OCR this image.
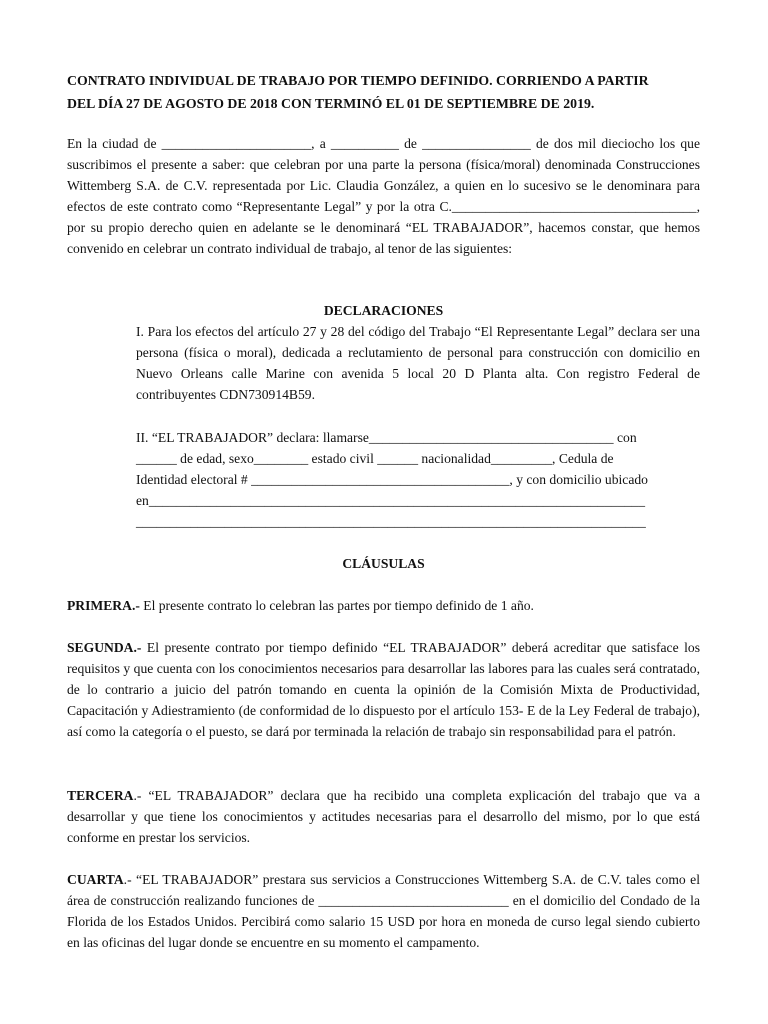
CONTRATO INDIVIDUAL DE TRABAJO POR TIEMPO DEFINIDO. CORRIENDO A PARTIR
DEL DÍA 27 DE AGOSTO DE 2018 CON TERMINÓ EL 01 DE SEPTIEMBRE DE 2019.

En la ciudad de ______________________, a __________ de ________________ de dos mil dieciocho los que suscribimos el presente a saber: que celebran por una parte la persona (física/moral) denominada Construcciones Wittemberg S.A. de C.V. representada por Lic. Claudia González, a quien en lo sucesivo se le denominara para efectos de este contrato como “Representante Legal” y por la otra C.____________________________________, por su propio derecho quien en adelante se le denominará “EL TRABAJADOR”, hacemos constar, que hemos convenido en celebrar un contrato individual de trabajo, al tenor de las siguientes:

DECLARACIONES

I. Para los efectos del artículo 27 y 28 del código del Trabajo “El Representante Legal” declara ser una persona (física o moral), dedicada a reclutamiento de personal para construcción con domicilio en Nuevo Orleans calle Marine con avenida 5 local 20 D Planta alta. Con registro Federal de contribuyentes CDN730914B59.

II. “EL TRABAJADOR” declara: llamarse____________________________________ con
______ de edad, sexo________ estado civil ______ nacionalidad_________, Cedula de
Identidad electoral # ______________________________________, y con domicilio ubicado
en_________________________________________________________________________
___________________________________________________________________________

CLÁUSULAS

PRIMERA.- El presente contrato lo celebran las partes por tiempo definido de 1 año.

SEGUNDA.- El presente contrato por tiempo definido “EL TRABAJADOR” deberá acreditar que satisface los requisitos y que cuenta con los conocimientos necesarios para desarrollar las labores para las cuales será contratado, de lo contrario a juicio del patrón tomando en cuenta la opinión de la Comisión Mixta de Productividad, Capacitación y Adiestramiento (de conformidad de lo dispuesto por el artículo 153- E de la Ley Federal de trabajo), así como la categoría o el puesto, se dará por terminada la relación de trabajo sin responsabilidad para el patrón.

TERCERA.- “EL TRABAJADOR” declara que ha recibido una completa explicación del trabajo que va a desarrollar y que tiene los conocimientos y actitudes necesarias para el desarrollo del mismo, por lo que está conforme en prestar los servicios.

CUARTA.- “EL TRABAJADOR” prestara sus servicios a Construcciones Wittemberg S.A. de C.V. tales como el área de construcción realizando funciones de ____________________________ en el domicilio del Condado de la Florida de los Estados Unidos. Percibirá como salario 15 USD por hora en moneda de curso legal siendo cubierto en las oficinas del lugar donde se encuentre en su momento el campamento.
